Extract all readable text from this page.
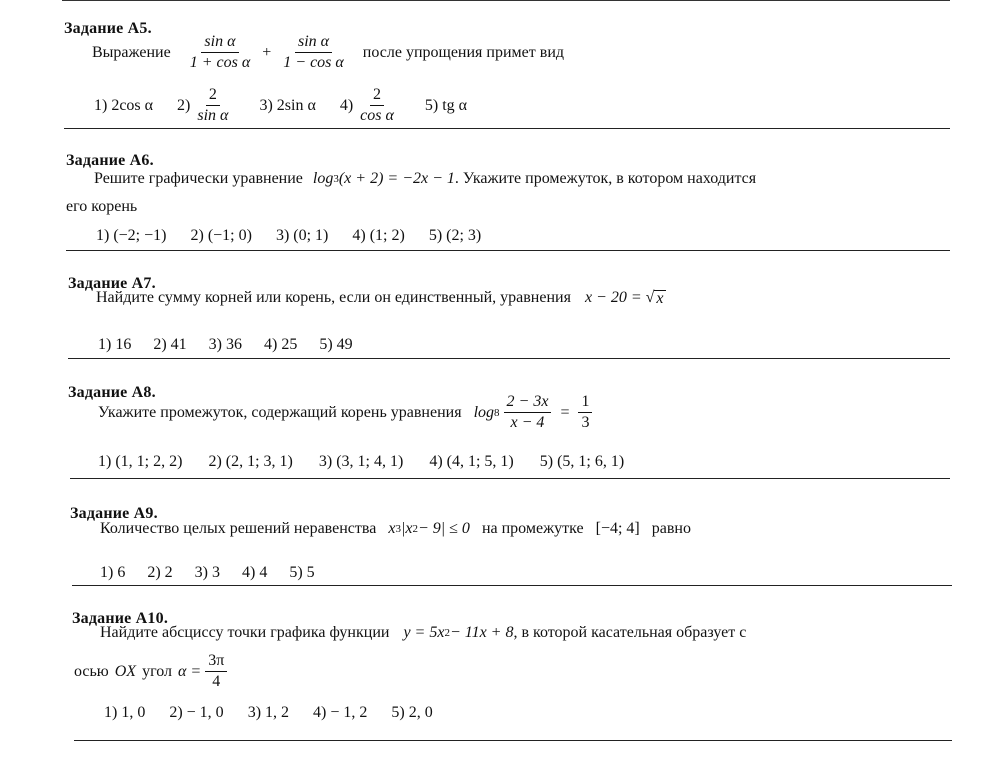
Задание А5.
Выражение $\frac{\text{sin α}}{\text{1 + cos α}} + \frac{\text{sin α}}{\text{1 − cos α}}$ после упрощения примет вид
1) 2cos α $2) \frac{2}{\text{sin α}} 3$) 2sin α $4) \frac{2}{\text{cos α}} 5$) tg α
Задание А6.
Решите графически уравнение log 3 (x + 2) = −2x − 1 . Укажите промежуток, в котором находится
его корень
1) (−2; −1) 2) (−1; 0) 3) (0; 1) 4) (1; 2) 5) (2; 3)
Задание А7.
Найдите сумму корней или корень, если он единственный, уравнения x − 20 = √ x
1) 16 2) 41 3) 36 4) 25 5) 49
Задание А8.
Укажите промежуток, содержащий корень уравнения $\log 8 \frac{2 - 3x}{x - 4} = \frac{1}{3}$
1) (1, 1; 2, 2) 2) (2, 1; 3, 1) 3) (3, 1; 4, 1) 4) (4, 1; 5, 1) 5) (5, 1; 6, 1)
Задание А9.
Количество целых решений неравенства x 3 |x 2 − 9| ≤ 0 на промежутке [−4; 4] равно
1) 6 2) 2 3) 3 4) 4 5) 5
Задание А10.
Найдите абсциссу точки графика функции y = 5x 2 − 11x + 8 , в которой касательная образует с
осью OX угол $\alpha = \frac{3\pi}{4}$
1) 1, 0 2) − 1, 0 3) 1, 2 4) − 1, 2 5) 2, 0
